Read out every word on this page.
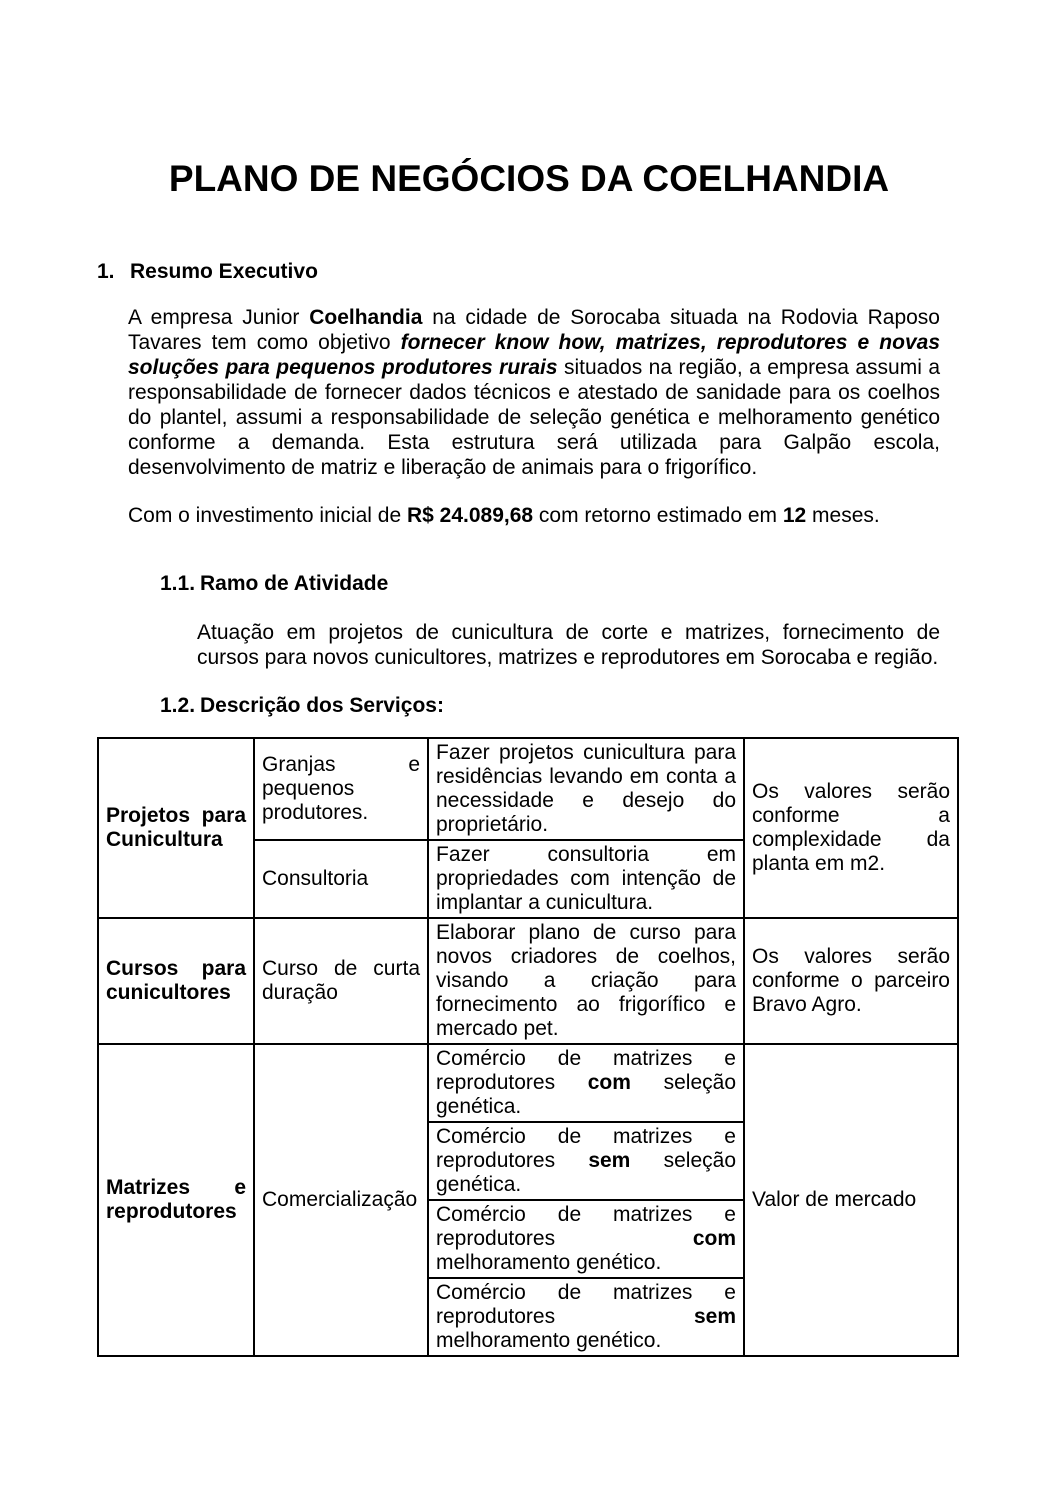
PLANO DE NEGÓCIOS DA COELHANDIA
1. Resumo Executivo

A empresa Junior Coelhandia na cidade de Sorocaba situada na Rodovia Raposo Tavares tem como objetivo fornecer know how, matrizes, reprodutores e novas soluções para pequenos produtores rurais situados na região, a empresa assumi a responsabilidade de fornecer dados técnicos e atestado de sanidade para os coelhos do plantel, assumi a responsabilidade de seleção genética e melhoramento genético conforme a demanda. Esta estrutura será utilizada para Galpão escola, desenvolvimento de matriz e liberação de animais para o frigorífico.

Com o investimento inicial de R$ 24.089,68 com retorno estimado em 12 meses.

1.1. Ramo de Atividade

Atuação em projetos de cunicultura de corte e matrizes, fornecimento de cursos para novos cunicultores, matrizes e reprodutores em Sorocaba e região.

1.2. Descrição dos Serviços:
Projetos para Cunicultura	Granjas e pequenos produtores.	Fazer projetos cunicultura para residências levando em conta a necessidade e desejo do proprietário.	Os valores serão conforme a complexidade da planta em m2.
	Consultoria	Fazer consultoria em propriedades com intenção de implantar a cunicultura.	
Cursos para cunicultores	Curso de curta duração	Elaborar plano de curso para novos criadores de coelhos, visando a criação para fornecimento ao frigorífico e mercado pet.	Os valores serão conforme o parceiro Bravo Agro.
Matrizes e reprodutores	Comercialização	Comércio de matrizes e reprodutores com seleção genética.	Valor de mercado
		Comércio de matrizes e reprodutores sem seleção genética.	
		Comércio de matrizes e reprodutores com melhoramento genético.	
		Comércio de matrizes e reprodutores sem melhoramento genético.	
